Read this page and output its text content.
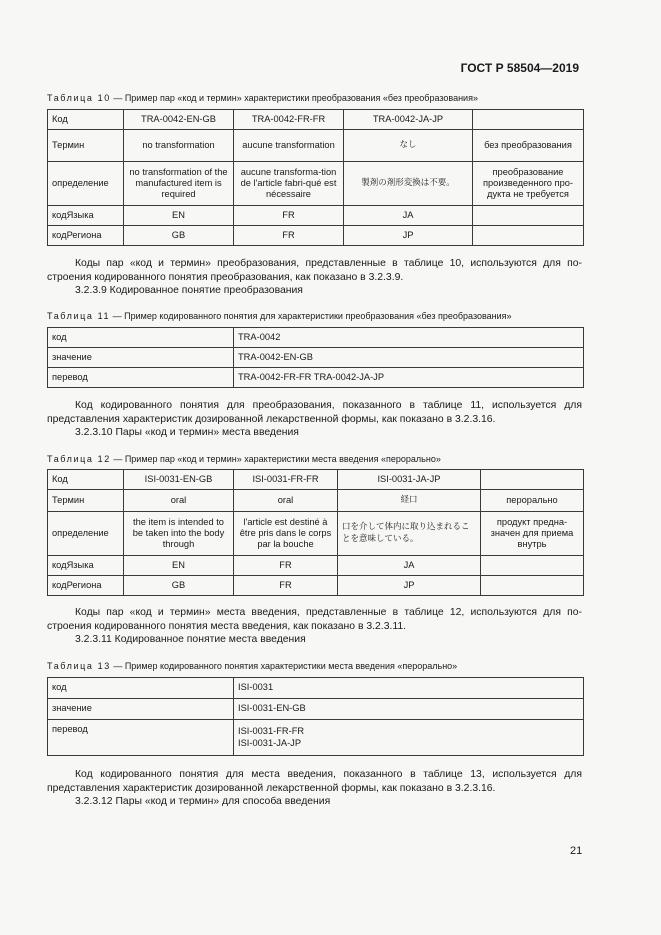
ГОСТ Р 58504—2019
Таблица 10 — Пример пар «код и термин» характеристики преобразования «без преобразования»
Код	TRA-0042-EN-GB	TRA-0042-FR-FR	TRA-0042-JA-JP	
Термин	no transformation	aucune transformation	なし	без преобразования
определение	no transformation of the manufactured item is required	aucune transforma-tion de l'article fabri-qué est nécessaire	製剤の剤形変換は不要。	преобразование произведенного про-дукта не требуется
кодЯзыка	EN	FR	JA	
кодРегиона	GB	FR	JP	
Коды пар «код и термин» преобразования, представленные в таблице 10, используются для по-строения кодированного понятия преобразования, как показано в 3.2.3.9.
3.2.3.9 Кодированное понятие преобразования
Таблица 11 — Пример кодированного понятия для характеристики преобразования «без преобразования»
код	TRA-0042
значение	TRA-0042-EN-GB
перевод	TRA-0042-FR-FR TRA-0042-JA-JP
Код кодированного понятия для преобразования, показанного в таблице 11, используется для представления характеристик дозированной лекарственной формы, как показано в 3.2.3.16.
3.2.3.10 Пары «код и термин» места введения
Таблица 12 — Пример пар «код и термин» характеристики места введения «перорально»
Код	ISI-0031-EN-GB	ISI-0031-FR-FR	ISI-0031-JA-JP	
Термин	oral	oral	経口	перорально
определение	the item is intended to be taken into the body through	l'article est destiné à être pris dans le corps par la bouche	口を介して体内に取り込まれることを意味している。	продукт предна-значен для приема внутрь
кодЯзыка	EN	FR	JA	
кодРегиона	GB	FR	JP	
Коды пар «код и термин» места введения, представленные в таблице 12, используются для по-строения кодированного понятия места введения, как показано в 3.2.3.11.
3.2.3.11 Кодированное понятие места введения
Таблица 13 — Пример кодированного понятия характеристики места введения «перорально»
код	ISI-0031
значение	ISI-0031-EN-GB
перевод	ISI-0031-FR-FR
ISI-0031-JA-JP
Код кодированного понятия для места введения, показанного в таблице 13, используется для представления характеристик дозированной лекарственной формы, как показано в 3.2.3.16.
3.2.3.12 Пары «код и термин» для способа введения
21
